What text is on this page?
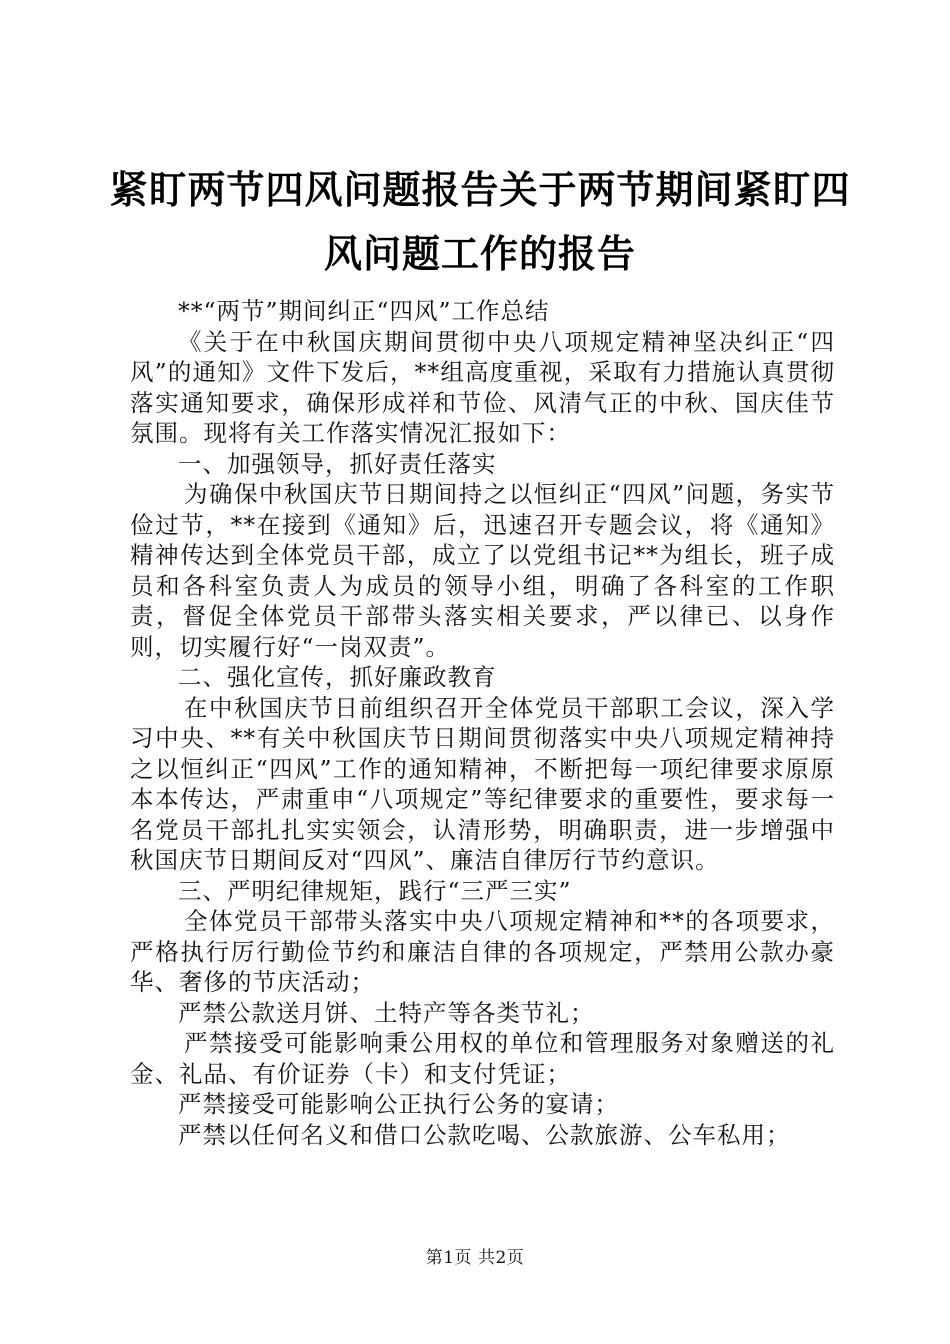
紧盯两节四风问题报告关于两节期间紧盯四风问题工作的报告

**“两节”期间纠正“四风”工作总结

《关于在中秋国庆期间贯彻中央八项规定精神坚决纠正“四风”的通知》文件下发后，**组高度重视，采取有力措施认真贯彻落实通知要求，确保形成祥和节俭、风清气正的中秋、国庆佳节氛围。现将有关工作落实情况汇报如下：

一、加强领导，抓好责任落实

为确保中秋国庆节日期间持之以恒纠正“四风”问题，务实节俭过节，**在接到《通知》后，迅速召开专题会议，将《通知》精神传达到全体党员干部，成立了以党组书记**为组长，班子成员和各科室负责人为成员的领导小组，明确了各科室的工作职责，督促全体党员干部带头落实相关要求，严以律已、以身作则，切实履行好“一岗双责”。

二、强化宣传，抓好廉政教育

在中秋国庆节日前组织召开全体党员干部职工会议，深入学习中央、**有关中秋国庆节日期间贯彻落实中央八项规定精神持之以恒纠正“四风”工作的通知精神，不断把每一项纪律要求原原本本传达，严肃重申“八项规定”等纪律要求的重要性，要求每一名党员干部扎扎实实领会，认清形势，明确职责，进一步增强中秋国庆节日期间反对“四风”、廉洁自律厉行节约意识。

三、严明纪律规矩，践行“三严三实”

全体党员干部带头落实中央八项规定精神和**的各项要求，严格执行厉行勤俭节约和廉洁自律的各项规定，严禁用公款办豪华、奢侈的节庆活动；

严禁公款送月饼、土特产等各类节礼；

严禁接受可能影响秉公用权的单位和管理服务对象赠送的礼金、礼品、有价证券（卡）和支付凭证；

严禁接受可能影响公正执行公务的宴请；

严禁以任何名义和借口公款吃喝、公款旅游、公车私用；

第1页 共2页
